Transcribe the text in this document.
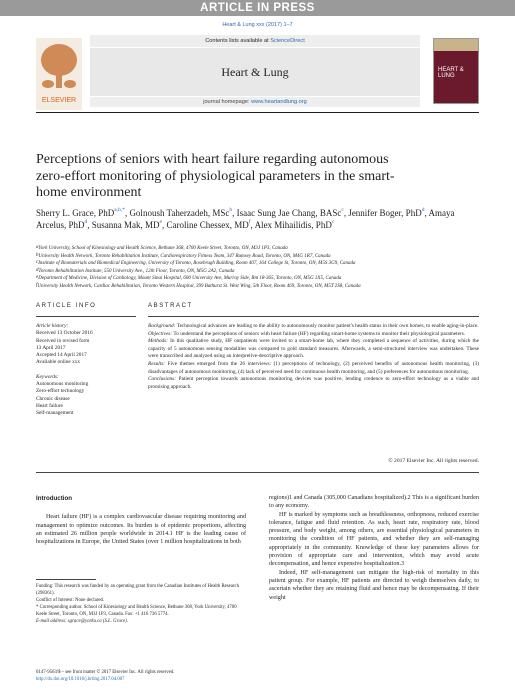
ARTICLE IN PRESS
Heart & Lung xxx (2017) 1–7
ELSEVIER
Contents lists available at ScienceDirect
Heart & Lung
journal homepage: www.heartandlung.org
HEART & LUNG
Perceptions of seniors with heart failure regarding autonomous zero-effort monitoring of physiological parameters in the smart-home environment
Sherry L. Grace, PhD$^{a,b,*}$, Golnoush Taherzadeh, MSc$^b$, Isaac Sung Jae Chang, BASc$^c$, Jennifer Boger, PhD$^d$, Amaya Arcelus, PhD$^d$, Susanna Mak, MDe, Caroline Chessex, $MD^f$, Alex Mihailidis, PhD$^c$
$^a$York University, School of Kinesiology and Health Science, Bethune 368, 4700 Keele Street, Toronto, ON, M3J 1P3, Canada
$^b$University Health Network, Toronto Rehabilitation Institute, Cardiorespiratory Fitness Team, 347 Rumsey Road, Toronto, ON, M4G 1R7, Canada
$^c$Institute of Biomaterials and Biomedical Engineering, University of Toronto, Rosebrugh Building, Room 407, 164 College St, Toronto, ON, M5S 3G9, Canada
$^d$Toronto Rehabilitation Institute, 550 University Ave., 12th Floor, Toronto, ON, M5G 2A2, Canada
$^e$Department of Medicine, Division of Cardiology, Mount Sinai Hospital, 600 University Ave, Murray Side, Rm 18-365, Toronto, ON, M5G 1X5, Canada
$^f$University Health Network, Cardiac Rehabilitation, Toronto Western Hospital, 399 Bathurst St. West Wing, 5th Floor, Room 469, Toronto, ON, M5T 2S8, Canada
ARTICLE INFO	ABSTRACT
Article history:
Received 13 October 2016
Received in revised form
13 April 2017
Accepted 14 April 2017
Available online xxx
Keywords:
Autonomous monitoring
Zero-effort technology
Chronic disease
Heart failure
Self-management
Background: Technological advances are leading to the ability to autonomously monitor patient's health status in their own homes, to enable aging-in-place.
Objectives: To understand the perceptions of seniors with heart failure (HF) regarding smart-home systems to monitor their physiological parameters.
Methods: In this qualitative study, HF outpatients were invited to a smart-home lab, where they completed a sequence of activities, during which the capacity of 5 autonomous sensing modalities was compared to gold standard measures. Afterwards, a semi-structured interview was undertaken. These were transcribed and analyzed using an interpretive-descriptive approach.
Results: Five themes emerged from the 26 interviews: (1) perceptions of technology, (2) perceived benefits of autonomous health monitoring, (3) disadvantages of autonomous monitoring, (4) lack of perceived need for continuous health monitoring, and (5) preferences for autonomous monitoring.
Conclusions: Patient perception towards autonomous monitoring devices was positive, lending credence to zero-effort technology as a viable and promising approach.
© 2017 Elsevier Inc. All rights reserved.
Introduction

Heart failure (HF) is a complex cardiovascular disease requiring monitoring and management to optimize outcomes. Its burden is of epidemic proportions, affecting an estimated 26 million people worldwide in 2014.1 HF is the leading cause of hospitalizations in Europe, the United States (over 1 million hospitalizations in both

regions)1 and Canada (305,000 Canadians hospitalized).2 This is a significant burden to any economy.

HF is marked by symptoms such as breathlessness, orthopnoea, reduced exercise tolerance, fatigue and fluid retention. As such, heart rate, respiratory rate, blood pressure, and body weight, among others, are essential physiological parameters in monitoring the condition of HF patients, and whether they are self-managing appropriately in the community. Knowledge of these key parameters allows for provision of appropriate care and intervention, which may avoid acute decompensation, and hence expensive hospitalization.3

Indeed, HF self-management can mitigate the high-risk of mortality in this patient group. For example, HF patients are directed to weigh themselves daily, to ascertain whether they are retaining fluid and hence may be decompensating. If their weight

Funding: This research was funded by an operating grant from the Canadian Institutes of Health Research (298361).
Conflict of Interest: None declared.
* Corresponding author. School of Kinesiology and Health Science, Bethune 368, York University, 4700 Keele Street, Toronto, ON, M3J 1P3, Canada. Fax: +1 416 736 5774.
E-mail address: sgrace@yorku.ca (S.L. Grace).
0147-9563/$ – see front matter © 2017 Elsevier Inc. All rights reserved.
http://dx.doi.org/10.1016/j.hrtlng.2017.04.007
